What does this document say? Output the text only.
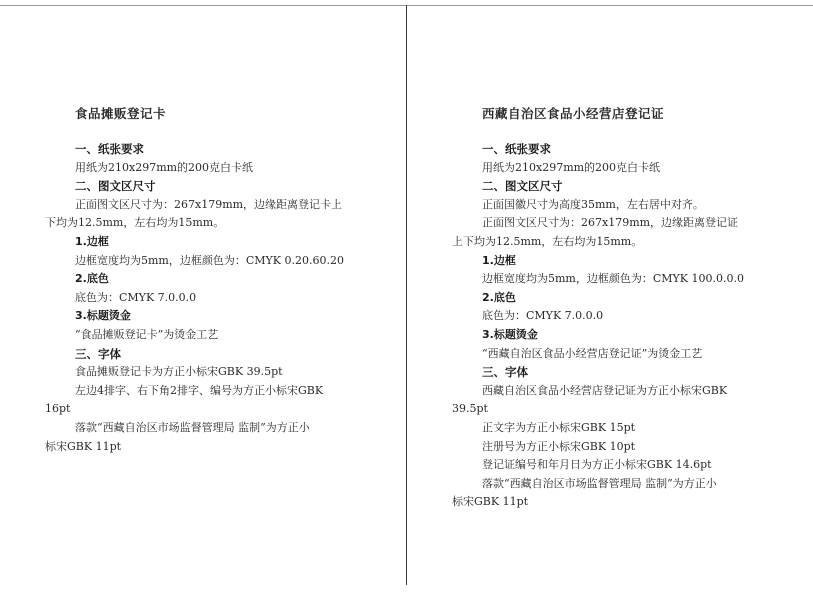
食品摊贩登记卡
一、纸张要求
用纸为210x297mm的200克白卡纸
二、图文区尺寸
正面图文区尺寸为：267x179mm，边缘距离登记卡上
下均为12.5mm，左右均为15mm。
1.边框
边框宽度均为5mm，边框颜色为：CMYK 0.20.60.20
2.底色
底色为：CMYK 7.0.0.0
3.标题烫金
“食品摊贩登记卡”为烫金工艺
三、字体
食品摊贩登记卡为方正小标宋GBK 39.5pt
左边4排字、右下角2排字、编号为方正小标宋GBK
16pt
落款“西藏自治区市场监督管理局 监制”为方正小
标宋GBK 11pt
西藏自治区食品小经营店登记证
一、纸张要求
用纸为210x297mm的200克白卡纸
二、图文区尺寸
正面国徽尺寸为高度35mm，左右居中对齐。
正面图文区尺寸为：267x179mm，边缘距离登记证
上下均为12.5mm，左右均为15mm。
1.边框
边框宽度均为5mm，边框颜色为：CMYK 100.0.0.0
2.底色
底色为：CMYK 7.0.0.0
3.标题烫金
“西藏自治区食品小经营店登记证”为烫金工艺
三、字体
西藏自治区食品小经营店登记证为方正小标宋GBK
39.5pt
正文字为方正小标宋GBK 15pt
注册号为方正小标宋GBK 10pt
登记证编号和年月日为方正小标宋GBK 14.6pt
落款“西藏自治区市场监督管理局 监制”为方正小
标宋GBK 11pt
